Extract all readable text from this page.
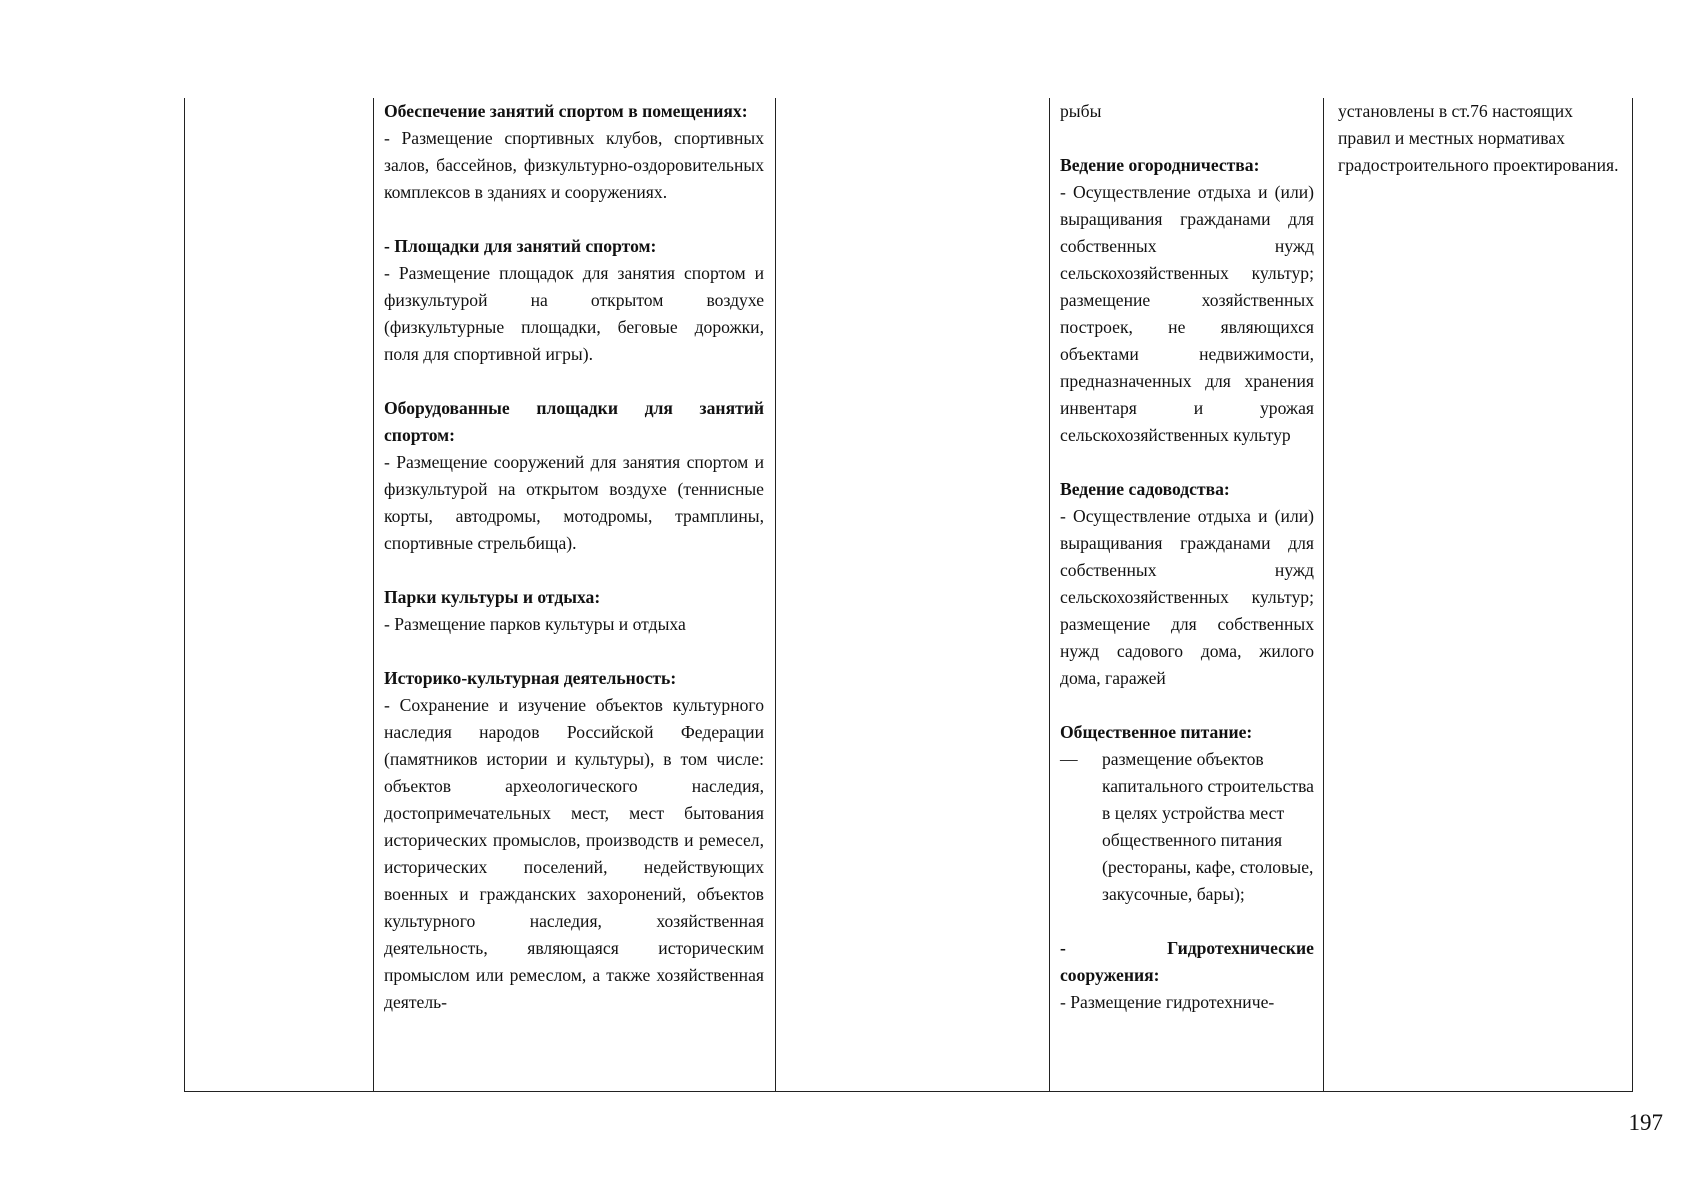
Обеспечение занятий спортом в помещениях:

- Размещение спортивных клубов, спортивных залов, бассейнов, физкультурно-оздоровительных комплексов в зданиях и сооружениях.

- Площадки для занятий спортом:

- Размещение площадок для занятия спортом и физкультурой на открытом воздухе (физкультурные площадки, беговые дорожки, поля для спортивной игры).

Оборудованные площадки для занятий спортом:

- Размещение сооружений для занятия спортом и физкультурой на открытом воздухе (теннисные корты, автодромы, мотодромы, трамплины, спортивные стрельбища).

Парки культуры и отдыха:

- Размещение парков культуры и отдыха

Историко-культурная деятельность:

- Сохранение и изучение объектов культурного наследия народов Российской Федерации (памятников истории и культуры), в том числе: объектов археологического наследия, достопримечательных мест, мест бытования исторических промыслов, производств и ремесел, исторических поселений, недействующих военных и гражданских захоронений, объектов культурного наследия, хозяйственная деятельность, являющаяся историческим промыслом или ремеслом, а также хозяйственная деятель-

рыбы

Ведение огородничества:

- Осуществление отдыха и (или) выращивания гражданами для собственных нужд сельскохозяйственных культур; размещение хозяйственных построек, не являющихся объектами недвижимости, предназначенных для хранения инвентаря и урожая сельскохозяйственных культур

Ведение садоводства:

- Осуществление отдыха и (или) выращивания гражданами для собственных нужд сельскохозяйственных культур; размещение для собственных нужд садового дома, жилого дома, гаражей

Общественное питание:

—	размещение объектов капитального строительства в целях устройства мест общественного питания (рестораны, кафе, столовые, закусочные, бары);

- Гидротехнические сооружения:

- Размещение гидротехниче-

установлены в ст.76 настоящих правил и местных нормативах градостроительного проектирования.

197
